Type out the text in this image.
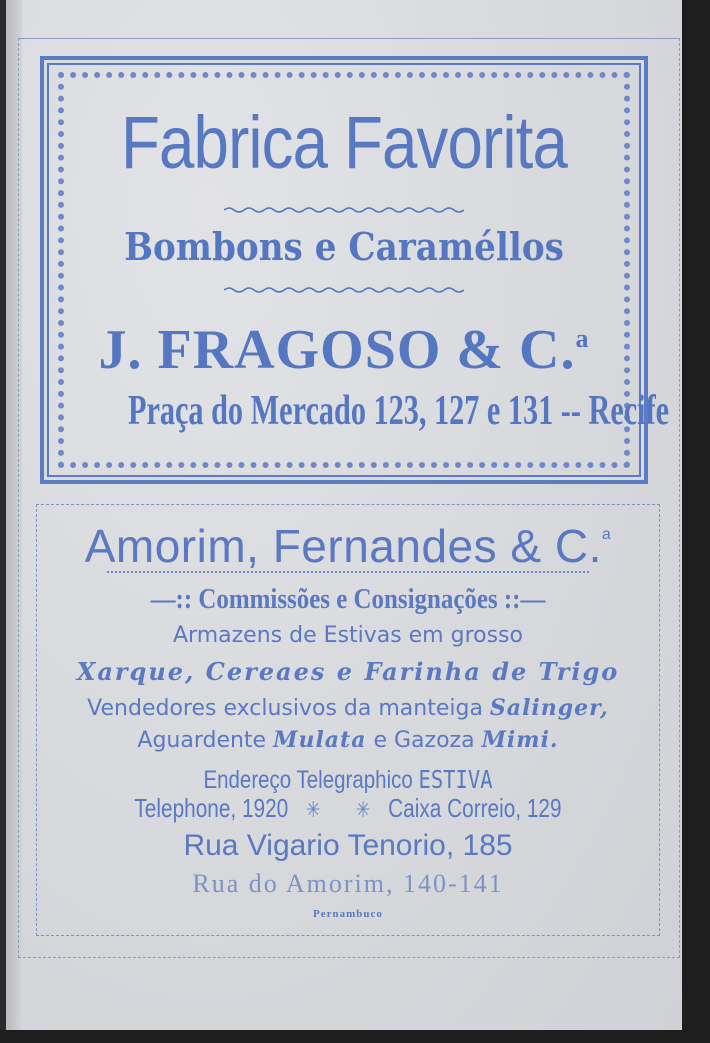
Fabrica Favorita
Bombons e Caraméllos
J. FRAGOSO & C.$^a$
Praça do Mercado 123, 127 e 131 -- Recife
Amorim, Fernandes & C.$^a$
—:: Commissões e Consignações ::—
Armazens de Estivas em grosso
Xarque, Cereaes e Farinha de Trigo
Vendedores exclusivos da manteiga Salinger,
Aguardente Mulata e Gazoza Mimi.
Endereço Telegraphico ESTIVA
Telephone, 1920 ✳ ✳ Caixa Correio, 129
Rua Vigario Tenorio, 185
Rua do Amorim, 140-141
Pernambuco
